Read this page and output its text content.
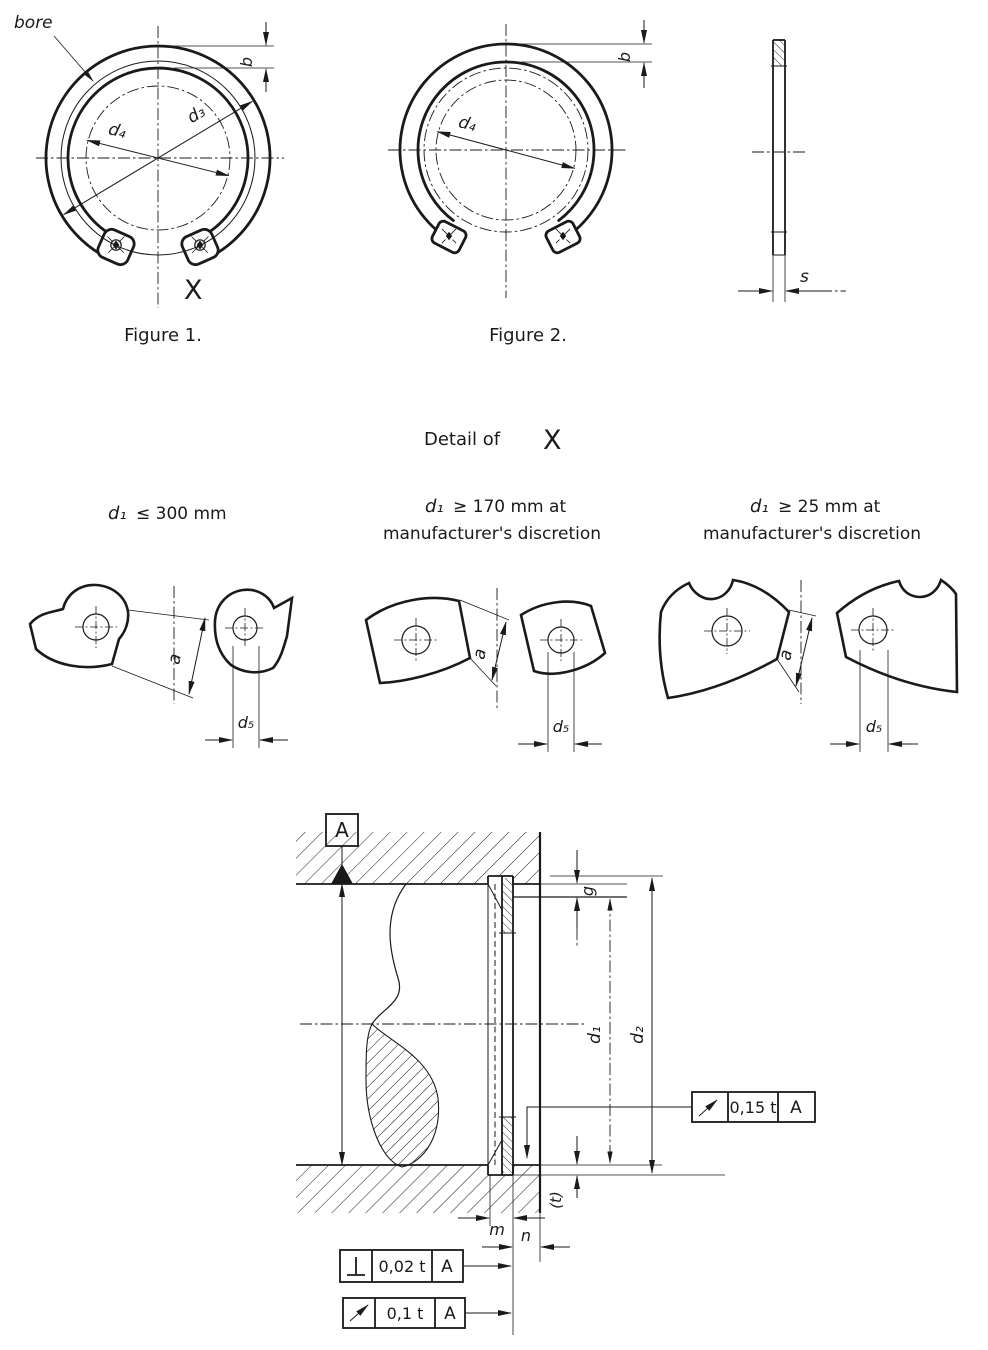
d₃
d₄
b
bore
X
Figure 1.
d₄
b
Figure 2.
s
Detail of X
d₁ ≤ 300 mm
a
d₅
d₁ ≥ 170 mm at
manufacturer's discretion
a
d₅
d₁ ≥ 25 mm at
manufacturer's discretion
a
d₅
A
g
d₁ d₂
(t)
m n
0,15 t A
0,02 t A
0,1 t A
